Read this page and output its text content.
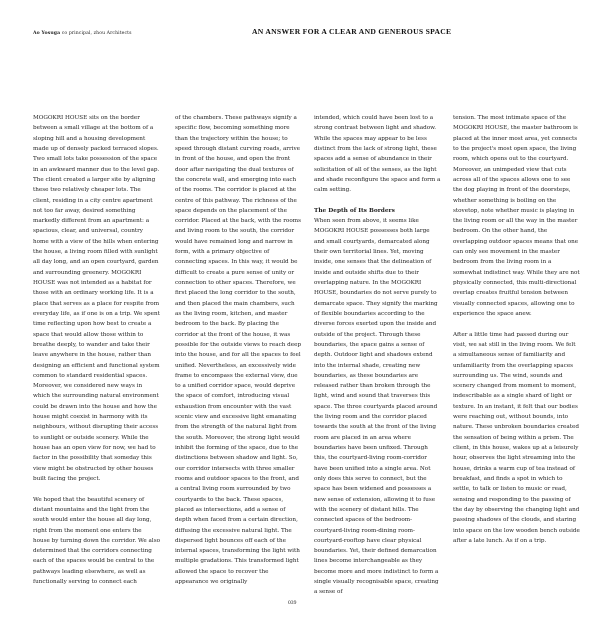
Ao Yosuga co principal, zhou Architects	AN ANSWER FOR A CLEAR AND GENEROUS SPACE

MOGOKRI HOUSE sits on the border between a small village at the bottom of a sloping hill and a housing development made up of densely packed terraced slopes. Two small lots take possession of the space in an awkward manner due to the level gap. The client created a larger site by aligning these two relatively cheaper lots. The client, residing in a city centre apartment not too far away, desired something markedly different from an apartment: a spacious, clear, and universal, country home with a view of the hills when entering the house, a living room filled with sunlight all day long, and an open courtyard, garden and surrounding greenery. MOGOKRI HOUSE was not intended as a habitat for those with an ordinary working life. It is a place that serves as a place for respite from everyday life, as if one is on a trip. We spent time reflecting upon how best to create a space that would allow those within to breathe deeply, to wander and take their leave anywhere in the house, rather than designing an efficient and functional system common to standard residential spaces. Moreover, we considered new ways in which the surrounding natural environment could be drawn into the house and how the house might coexist in harmony with its neighbours, without disrupting their access to sunlight or outside scenery. While the house has an open view for now, we had to factor in the possibility that someday this view might be obstructed by other houses built facing the project.

We hoped that the beautiful scenery of distant mountains and the light from the south would enter the house all day long, right from the moment one enters the house by turning down the corridor. We also determined that the corridors connecting each of the spaces would be central to the pathways leading elsewhere, as well as functionally serving to connect each

of the chambers. These pathways signify a specific flow, becoming something more than the trajectory within the house; to speed through distant curving roads, arrive in front of the house, and open the front door after navigating the dual textures of the concrete wall, and emerging into each of the rooms. The corridor is placed at the centre of this pathway. The richness of the space depends on the placement of the corridor. Placed at the back, with the rooms and living room to the south, the corridor would have remained long and narrow in form, with a primary objective of connecting spaces. In this way, it would be difficult to create a pure sense of unity or connection to other spaces. Therefore, we first placed the long corridor to the south, and then placed the main chambers, such as the living room, kitchen, and master bedroom to the back. By placing the corridor at the front of the house, it was possible for the outside views to reach deep into the house, and for all the spaces to feel unified. Nevertheless, an excessively wide frame to encompass the external view, due to a unified corridor space, would deprive the space of comfort, introducing visual exhaustion from encounter with the vast scenic view and excessive light emanating from the strength of the natural light from the south. Moreover, the strong light would inhibit the forming of the space, due to the distinctions between shadow and light. So, our corridor intersects with three smaller rooms and outdoor spaces to the front, and a central living room surrounded by two courtyards to the back. These spaces, placed as intersections, add a sense of depth when faced from a certain direction, diffusing the excessive natural light. The dispersed light bounces off each of the internal spaces, transforming the light with multiple gradations. This transformed light allowed the space to recover the appearance we originally

intended, which could have been lost to a strong contrast between light and shadow. While the spaces may appear to be less distinct from the lack of strong light, these spaces add a sense of abundance in their solicitation of all of the senses, as the light and shade reconfigure the space and form a calm setting.

The Depth of Its Borders

When seen from above, it seems like MOGOKRI HOUSE possesses both large and small courtyards, demarcated along their own territorial lines. Yet, moving inside, one senses that the delineation of inside and outside shifts due to their overlapping nature. In the MOGOKRI HOUSE, boundaries do not serve purely to demarcate space. They signify the marking of flexible boundaries according to the diverse forces exerted upon the inside and outside of the project. Through these boundaries, the space gains a sense of depth. Outdoor light and shadows extend into the internal shade, creating new boundaries, as these boundaries are released rather than broken through the light, wind and sound that traverses this space. The three courtyards placed around the living room and the corridor placed towards the south at the front of the living room are placed in an area where boundaries have been unfixed. Through this, the courtyard-living room-corridor have been unified into a single area. Not only does this serve to connect, but the space has been widened and possesses a new sense of extension, allowing it to fuse with the scenery of distant hills. The connected spaces of the bedroom-courtyard-living room-dining room-courtyard-rooftop have clear physical boundaries. Yet, their defined demarcation lines become interchangeable as they become more and more indistinct to form a single visually recognisable space, creating a sense of

tension. The most intimate space of the MOGOKRI HOUSE, the master bathroom is placed at the inner most area, yet connects to the project's most open space, the living room, which opens out to the courtyard. Moreover, an unimpeded view that cuts across all of the spaces allows one to see the dog playing in front of the doorsteps, whether something is boiling on the stovetop, note whether music is playing in the living room or all the way in the master bedroom. On the other hand, the overlapping outdoor spaces means that one can only see movement in the master bedroom from the living room in a somewhat indistinct way. While they are not physically connected, this multi-directional overlap creates fruitful tension between visually connected spaces, allowing one to experience the space anew.

After a little time had passed during our visit, we sat still in the living room. We felt a simultaneous sense of familiarity and unfamiliarity from the overlapping spaces surrounding us. The wind, sounds and scenery changed from moment to moment, indescribable as a single shard of light or texture. In an instant, it felt that our bodies were reaching out, without bounds, into nature. These unbroken boundaries created the sensation of being within a prism. The client, in this house, wakes up at a leisurely hour, observes the light streaming into the house, drinks a warm cup of tea instead of breakfast, and finds a spot in which to settle, to talk or listen to music or read, sensing and responding to the passing of the day by observing the changing light and passing shadows of the clouds, and staring into space on the low wooden bench outside after a late lunch. As if on a trip.

039
